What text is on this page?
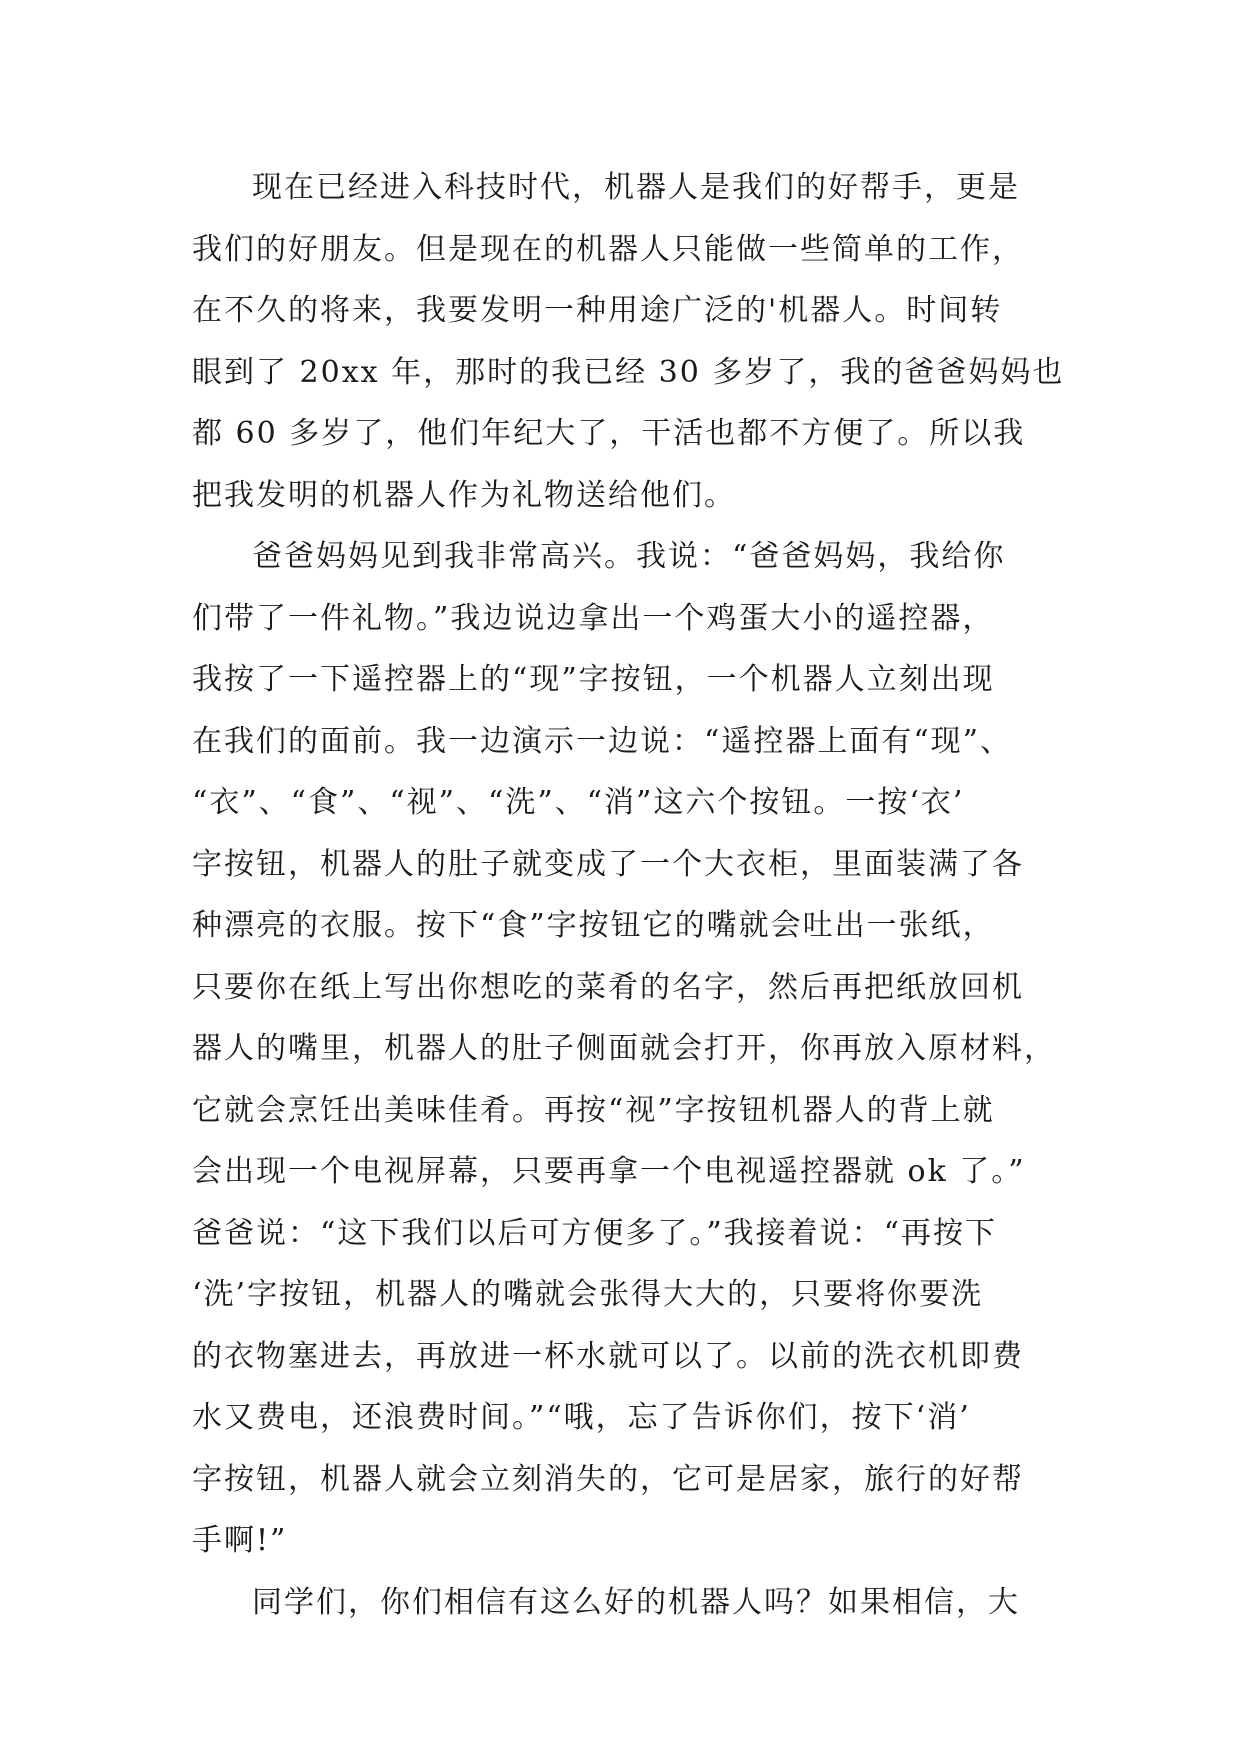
现在已经进入科技时代，机器人是我们的好帮手，更是
我们的好朋友。但是现在的机器人只能做一些简单的工作，
在不久的将来，我要发明一种用途广泛的'机器人。时间转
眼到了 20xx 年，那时的我已经 30 多岁了，我的爸爸妈妈也
都 60 多岁了，他们年纪大了，干活也都不方便了。所以我
把我发明的机器人作为礼物送给他们。
爸爸妈妈见到我非常高兴。我说：“爸爸妈妈，我给你
们带了一件礼物。”我边说边拿出一个鸡蛋大小的遥控器，
我按了一下遥控器上的“现”字按钮，一个机器人立刻出现
在我们的面前。我一边演示一边说：“遥控器上面有“现”、
“衣”、“食”、“视”、“洗”、“消”这六个按钮。一按‘衣’
字按钮，机器人的肚子就变成了一个大衣柜，里面装满了各
种漂亮的衣服。按下“食”字按钮它的嘴就会吐出一张纸，
只要你在纸上写出你想吃的菜肴的名字，然后再把纸放回机
器人的嘴里，机器人的肚子侧面就会打开，你再放入原材料，
它就会烹饪出美味佳肴。再按“视”字按钮机器人的背上就
会出现一个电视屏幕，只要再拿一个电视遥控器就 ok 了。”
爸爸说：“这下我们以后可方便多了。”我接着说：“再按下
‘洗’字按钮，机器人的嘴就会张得大大的，只要将你要洗
的衣物塞进去，再放进一杯水就可以了。以前的洗衣机即费
水又费电，还浪费时间。”“哦，忘了告诉你们，按下‘消’
字按钮，机器人就会立刻消失的，它可是居家，旅行的好帮
手啊!”
同学们，你们相信有这么好的机器人吗？如果相信，大
